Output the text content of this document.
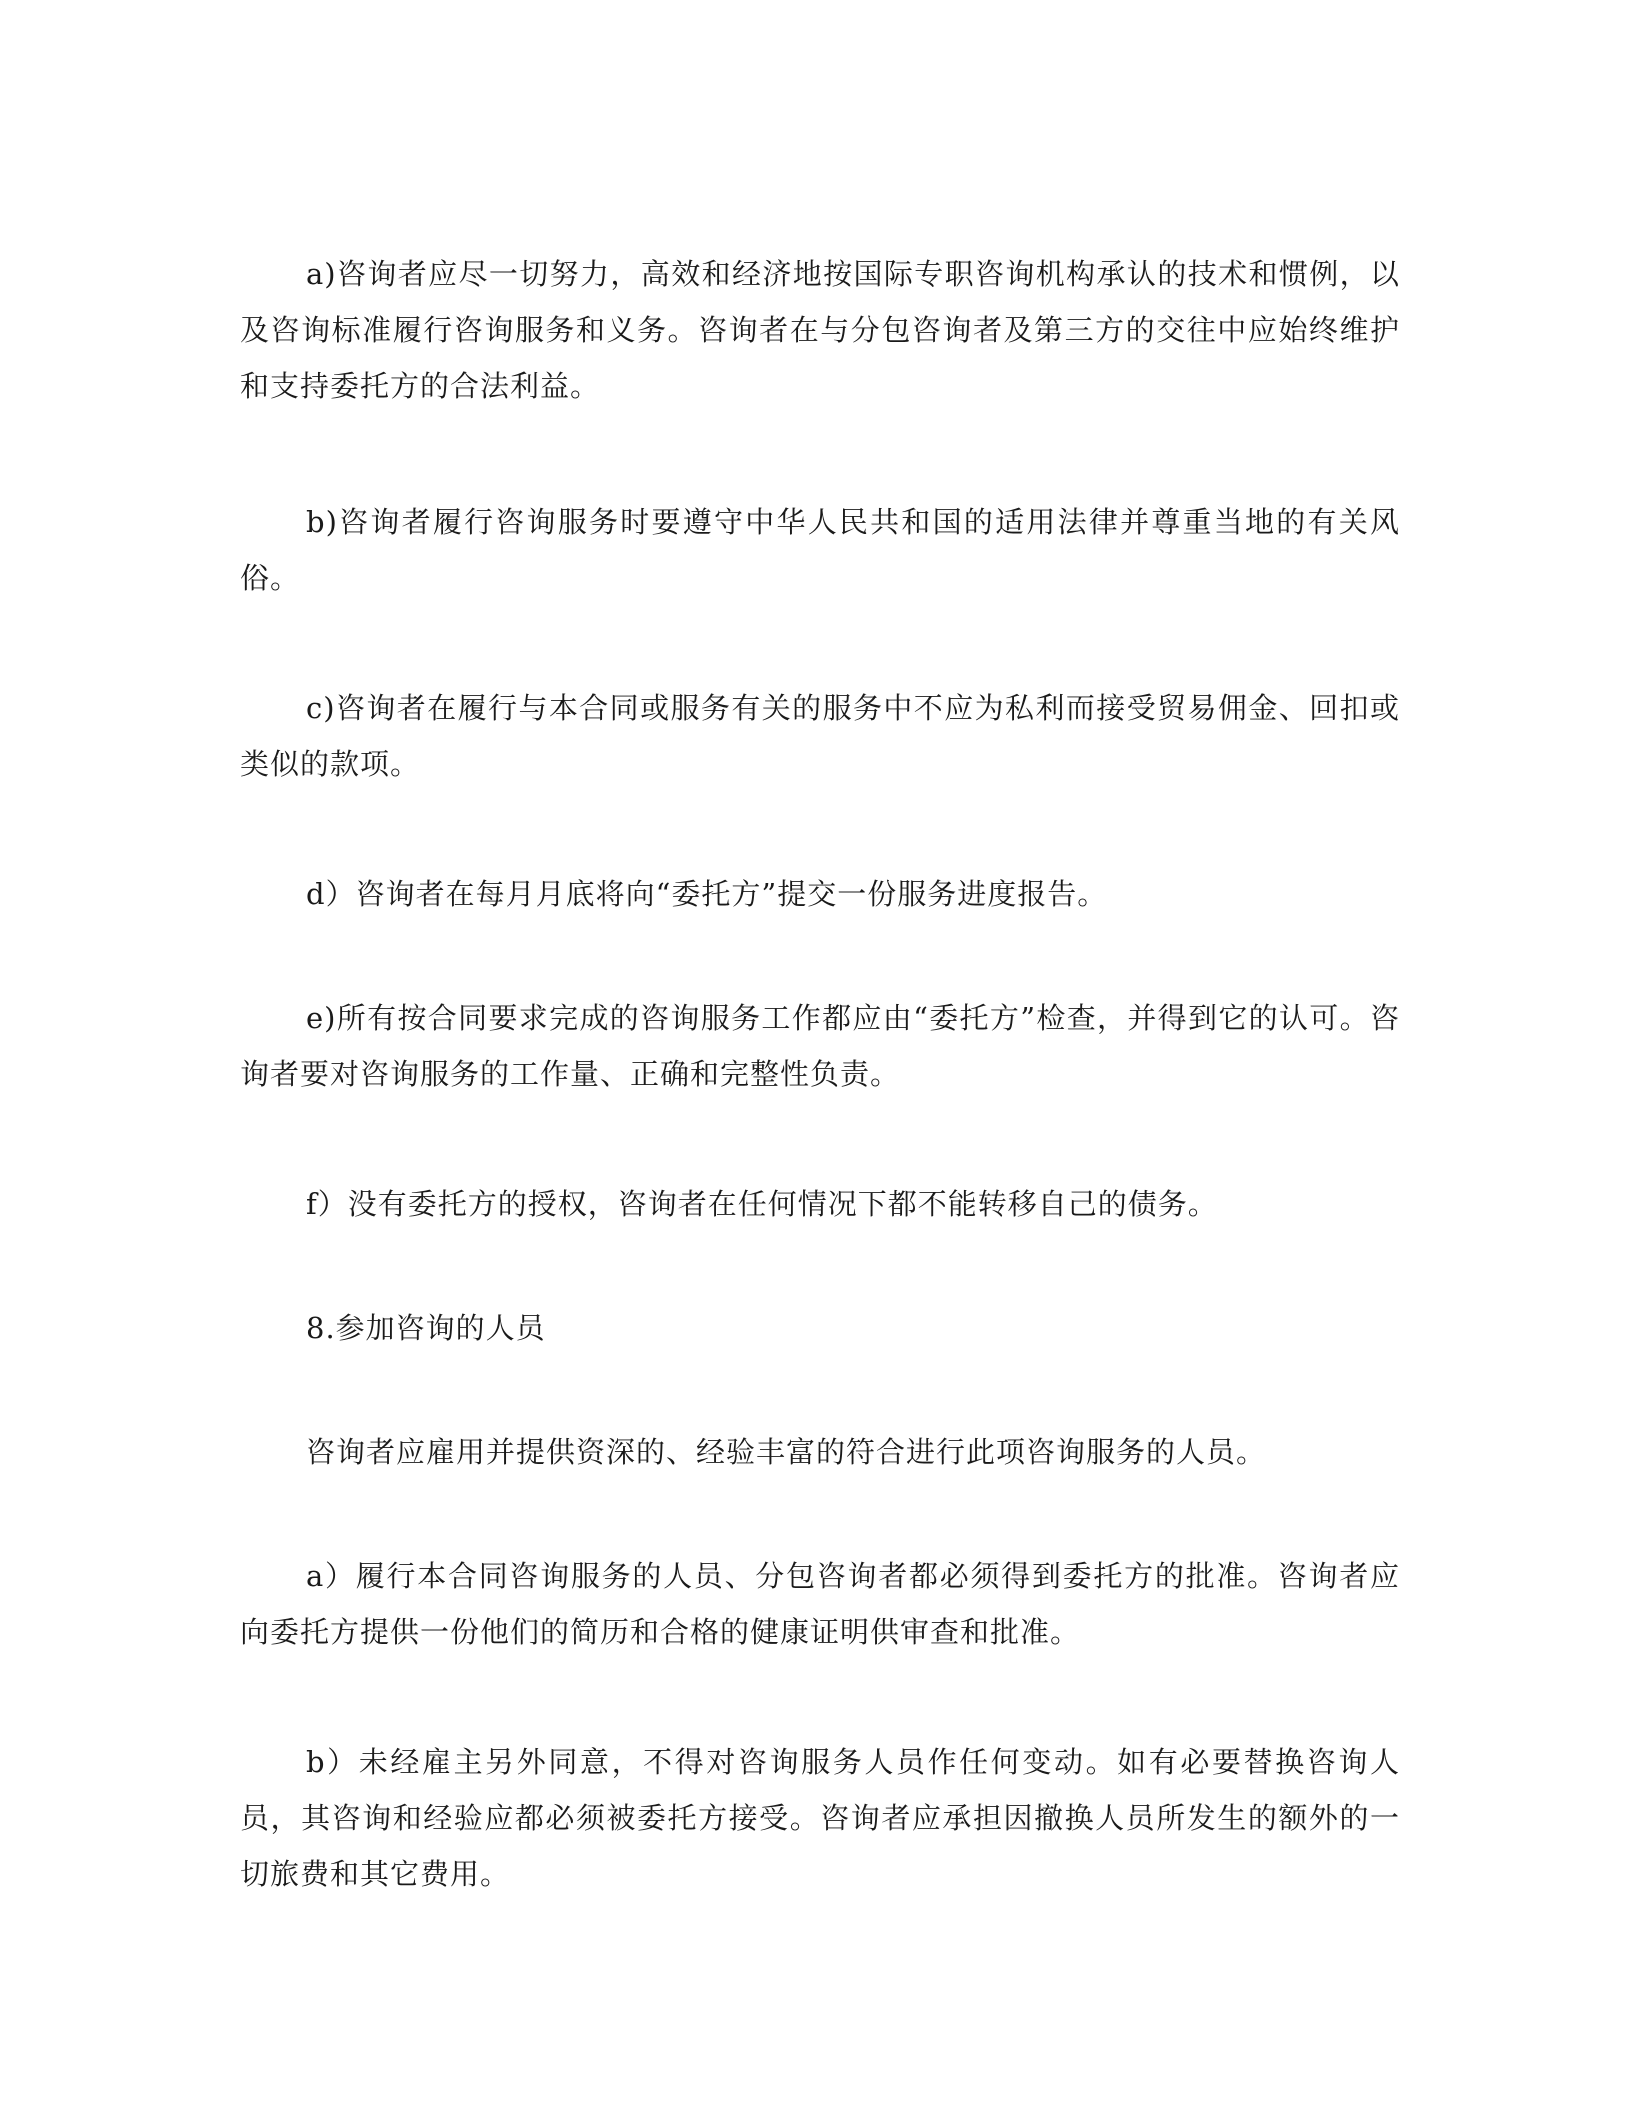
a)咨询者应尽一切努力，高效和经济地按国际专职咨询机构承认的技术和惯例，以及咨询标准履行咨询服务和义务。咨询者在与分包咨询者及第三方的交往中应始终维护和支持委托方的合法利益。

b)咨询者履行咨询服务时要遵守中华人民共和国的适用法律并尊重当地的有关风俗。

c)咨询者在履行与本合同或服务有关的服务中不应为私利而接受贸易佣金、回扣或类似的款项。

d）咨询者在每月月底将向“委托方”提交一份服务进度报告。

e)所有按合同要求完成的咨询服务工作都应由“委托方”检查，并得到它的认可。咨询者要对咨询服务的工作量、正确和完整性负责。

f）没有委托方的授权，咨询者在任何情况下都不能转移自己的债务。

8.参加咨询的人员

咨询者应雇用并提供资深的、经验丰富的符合进行此项咨询服务的人员。

a）履行本合同咨询服务的人员、分包咨询者都必须得到委托方的批准。咨询者应向委托方提供一份他们的简历和合格的健康证明供审查和批准。

b）未经雇主另外同意，不得对咨询服务人员作任何变动。如有必要替换咨询人员，其咨询和经验应都必须被委托方接受。咨询者应承担因撤换人员所发生的额外的一切旅费和其它费用。
